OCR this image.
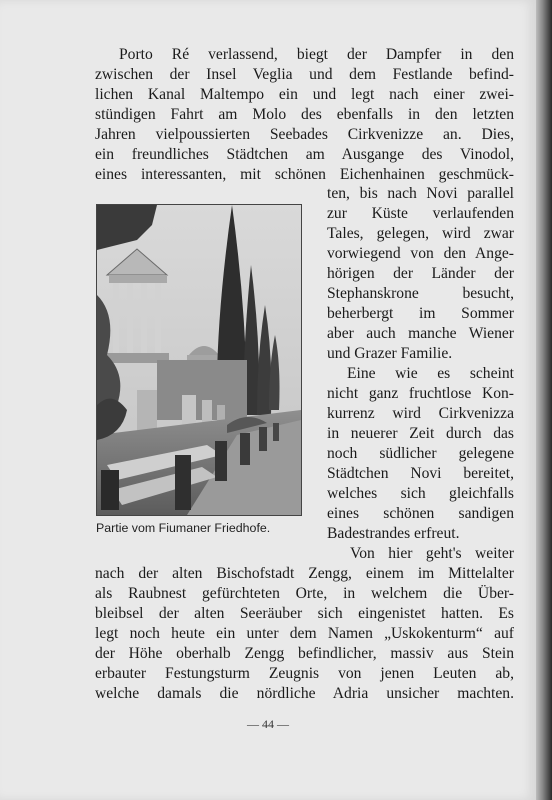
Porto Ré verlassend, biegt der Dampfer in den
zwischen der Insel Veglia und dem Festlande befind-
lichen Kanal Maltempo ein und legt nach einer zwei-
stündigen Fahrt am Molo des ebenfalls in den letzten
Jahren vielpoussierten Seebades Cirkvenizze an. Dies,
ein freundliches Städtchen am Ausgange des Vinodol,
eines interessanten, mit schönen Eichenhainen geschmück-
ten, bis nach Novi parallel
zur Küste verlaufenden
Tales, gelegen, wird zwar
vorwiegend von den Ange-
hörigen der Länder der
Stephanskrone besucht,
beherbergt im Sommer
aber auch manche Wiener
und Grazer Familie.
Eine wie es scheint
nicht ganz fruchtlose Kon-
kurrenz wird Cirkvenizza
in neuerer Zeit durch das
noch südlicher gelegene
Städtchen Novi bereitet,
welches sich gleichfalls
eines schönen sandigen
Badestrandes erfreut.
Von hier geht's weiter
nach der alten Bischofstadt Zengg, einem im Mittelalter
als Raubnest gefürchteten Orte, in welchem die Über-
bleibsel der alten Seeräuber sich eingenistet hatten. Es
legt noch heute ein unter dem Namen „Uskokenturm“ auf
der Höhe oberhalb Zengg befindlicher, massiv aus Stein
erbauter Festungsturm Zeugnis von jenen Leuten ab,
welche damals die nördliche Adria unsicher machten.
Partie vom Fiumaner Friedhofe.
— 44 —
